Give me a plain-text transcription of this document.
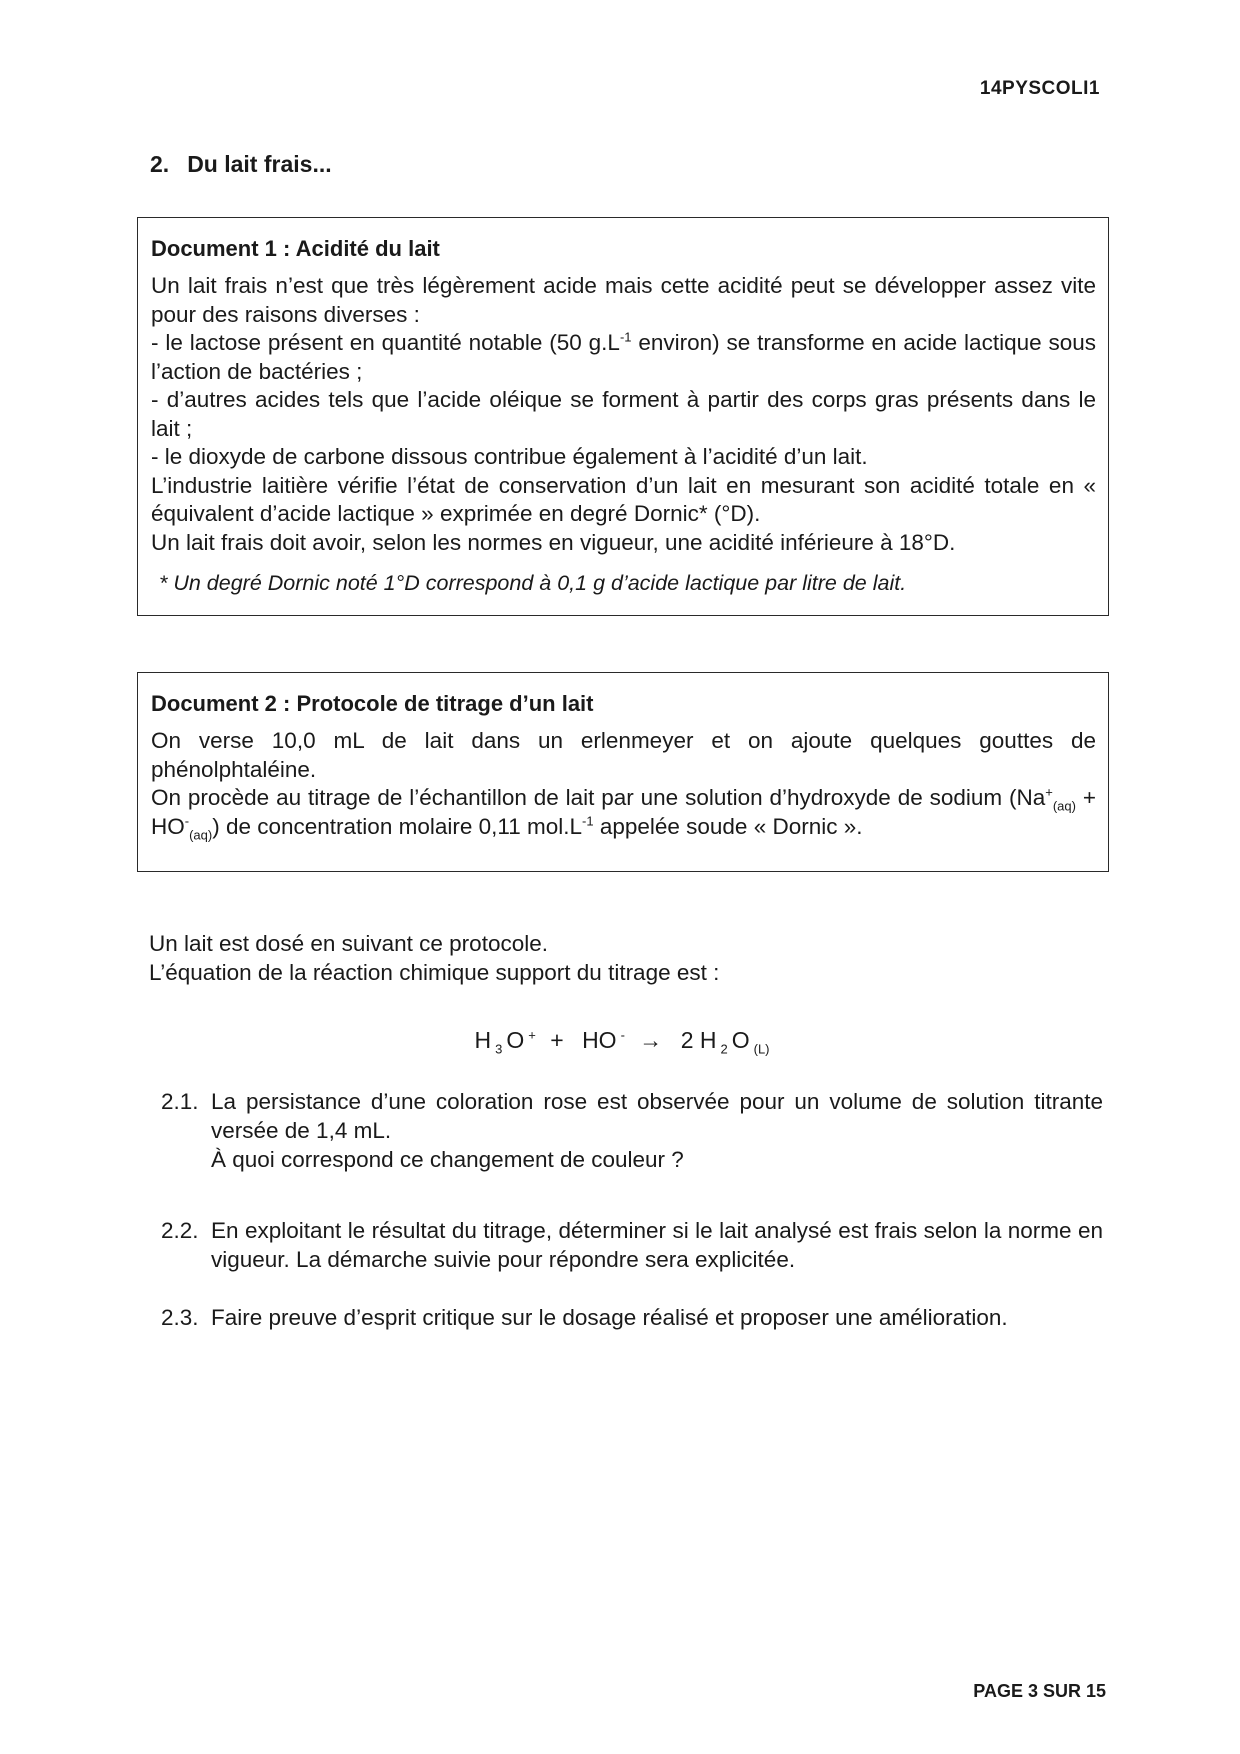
14PYSCOLI1
2. Du lait frais...
Document 1 : Acidité du lait

Un lait frais n’est que très légèrement acide mais cette acidité peut se développer assez vite pour des raisons diverses :

- le lactose présent en quantité notable (50 $g.L^{-1}$ environ) se transforme en acide lactique sous l’action de bactéries ;

- d’autres acides tels que l’acide oléique se forment à partir des corps gras présents dans le lait ;

- le dioxyde de carbone dissous contribue également à l’acidité d’un lait.

L’industrie laitière vérifie l’état de conservation d’un lait en mesurant son acidité totale en « équivalent d’acide lactique » exprimée en degré Dornic* (°D).

Un lait frais doit avoir, selon les normes en vigueur, une acidité inférieure à 18°D.

* Un degré Dornic noté 1°D correspond à 0,1 g d’acide lactique par litre de lait.
Document 2 : Protocole de titrage d’un lait

On verse 10,0 mL de lait dans un erlenmeyer et on ajoute quelques gouttes de phénolphtaléine.

On procède au titrage de l’échantillon de lait par une solution d’hydroxyde de sodium $(Na^+_{(aq)} + HO^-_{(aq)})$ de concentration molaire 0,11 $mol.L^{-1}$ appelée soude « Dornic ».

Un lait est dosé en suivant ce protocole.

L’équation de la réaction chimique support du titrage est :

H $_3$ O + + HO - → 2 H $_2$ O $_{(L)}$
2.1. La persistance d’une coloration rose est observée pour un volume de solution titrante versée de 1,4 mL.
À quoi correspond ce changement de couleur ?
2.2. En exploitant le résultat du titrage, déterminer si le lait analysé est frais selon la norme en vigueur. La démarche suivie pour répondre sera explicitée.
2.3. Faire preuve d’esprit critique sur le dosage réalisé et proposer une amélioration.
PAGE 3 SUR 15
